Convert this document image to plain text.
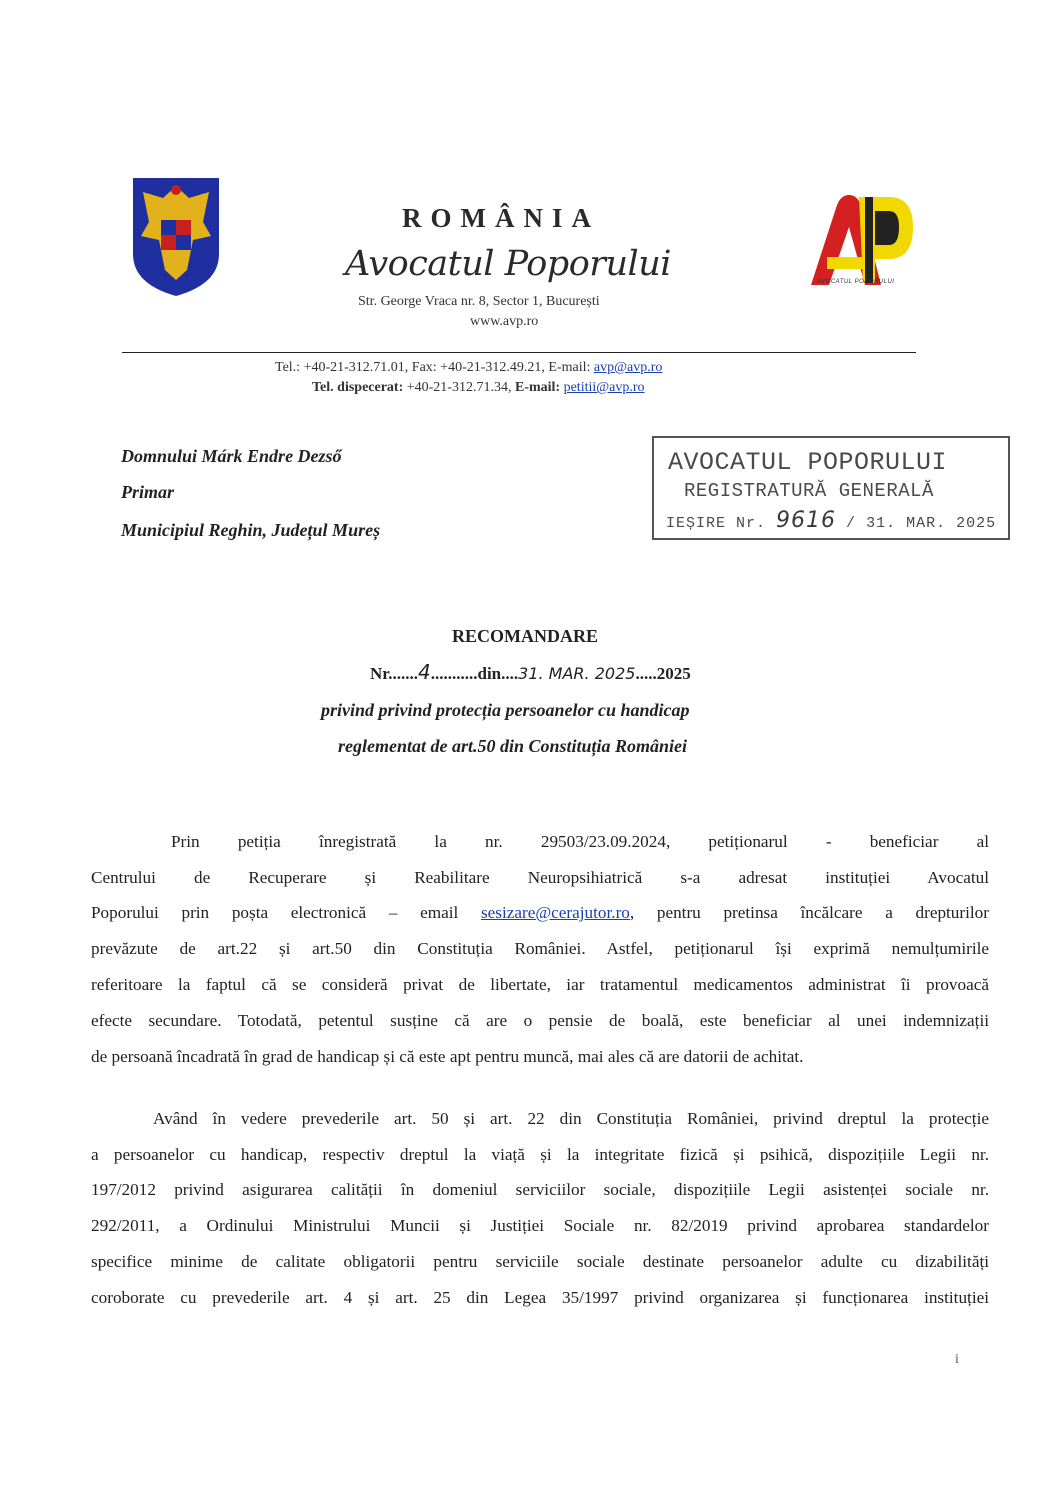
ROMÂNIA
Avocatul Poporului
Str. George Vraca nr. 8, Sector 1, București
www.avp.ro
AVOCATUL POPORULUI
Tel.: +40-21-312.71.01, Fax: +40-21-312.49.21, E-mail: avp@avp.ro
Tel. dispecerat: +40-21-312.71.34, E-mail: petitii@avp.ro
Domnului Márk Endre Dezső
Primar
Municipiul Reghin, Județul Mureș
AVOCATUL POPORULUI
REGISTRATURĂ GENERALĂ
IEȘIRE Nr. 9616 / 31. MAR. 2025
RECOMANDARE
Nr.......4...........din....31. MAR. 2025.....2025
privind privind protecția persoanelor cu handicap
reglementat de art.50 din Constituția României
Prin petiția înregistrată la nr. 29503/23.09.2024, petiționarul - beneficiar al
Centrului de Recuperare și Reabilitare Neuropsihiatrică s-a adresat instituției Avocatul
Poporului prin poșta electronică – email sesizare@cerajutor.ro, pentru pretinsa încălcare a drepturilor
prevăzute de art.22 și art.50 din Constituția României. Astfel, petiționarul își exprimă nemulțumirile
referitoare la faptul că se consideră privat de libertate, iar tratamentul medicamentos administrat îi provoacă
efecte secundare. Totodată, petentul susține că are o pensie de boală, este beneficiar al unei indemnizații
de persoană încadrată în grad de handicap și că este apt pentru muncă, mai ales că are datorii de achitat.
Având în vedere prevederile art. 50 și art. 22 din Constituția României, privind dreptul la protecție
a persoanelor cu handicap, respectiv dreptul la viață și la integritate fizică și psihică, dispozițiile Legii nr.
197/2012 privind asigurarea calității în domeniul serviciilor sociale, dispozițiile Legii asistenței sociale nr.
292/2011, a Ordinului Ministrului Muncii și Justiției Sociale nr. 82/2019 privind aprobarea standardelor
specifice minime de calitate obligatorii pentru serviciile sociale destinate persoanelor adulte cu dizabilități
coroborate cu prevederile art. 4 și art. 25 din Legea 35/1997 privind organizarea și funcționarea instituției
i
